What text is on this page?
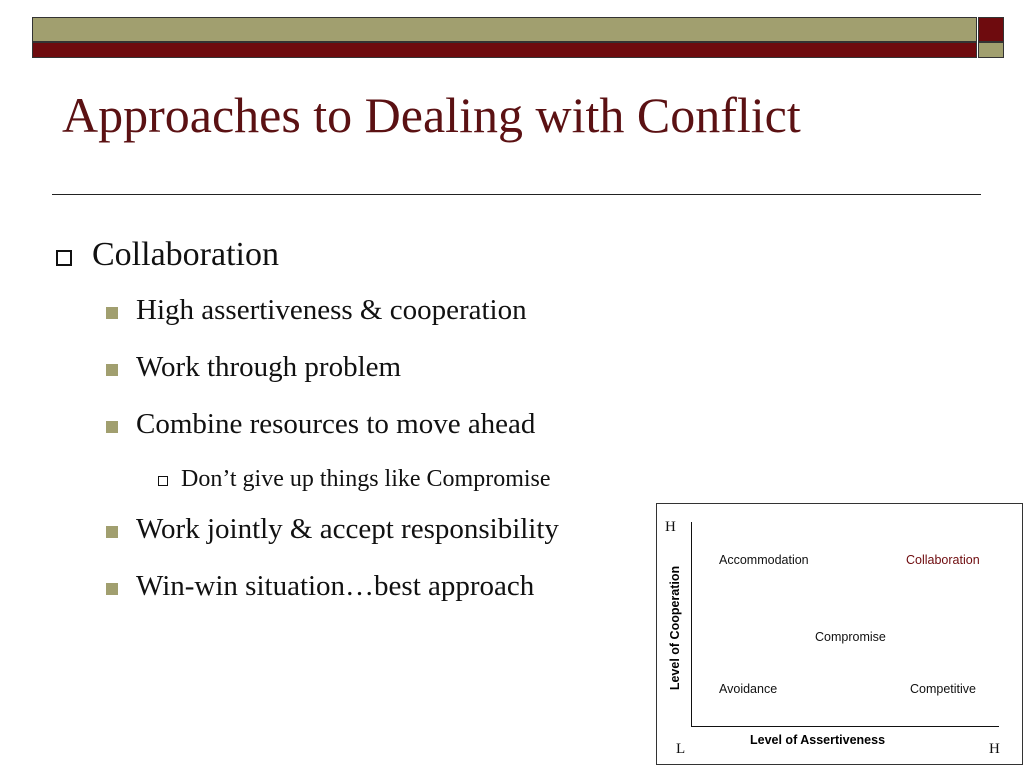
Approaches to Dealing with Conflict
Collaboration
High assertiveness & cooperation
Work through problem
Combine resources to move ahead
Don’t give up things like Compromise
Work jointly & accept responsibility
Win-win situation…best approach
H
Level of Cooperation
Accommodation	Collaboration
Compromise
Avoidance	Competitive
Level of Assertiveness
L	H
